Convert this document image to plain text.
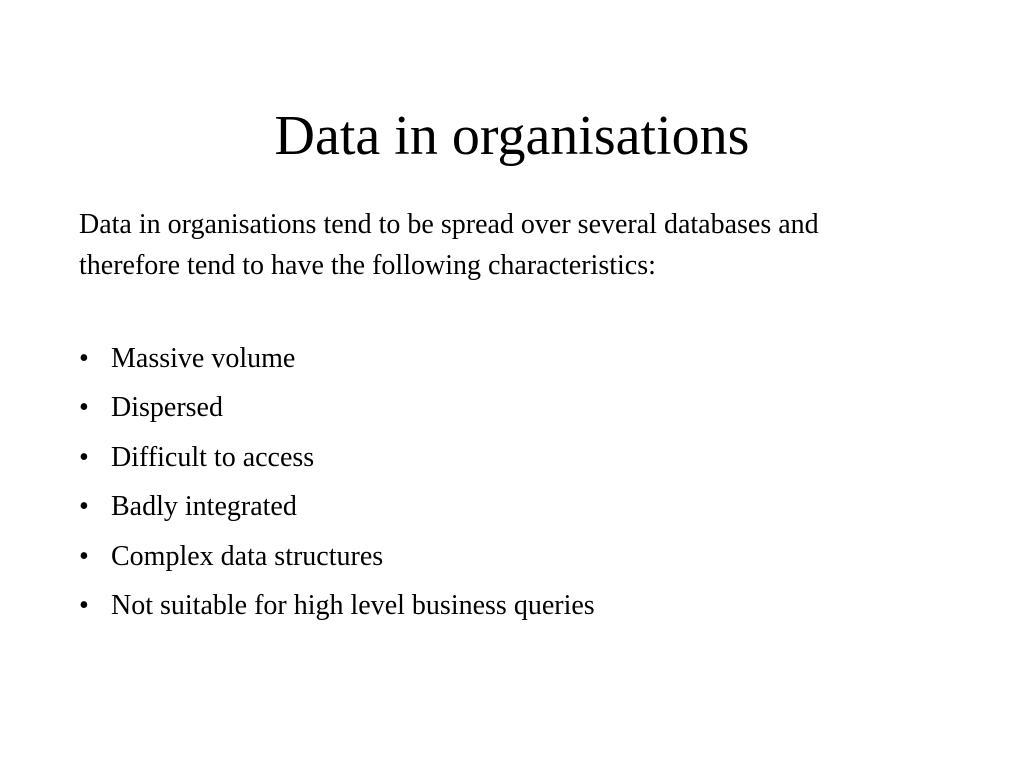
Data in organisations

Data in organisations tend to be spread over several databases and therefore tend to have the following characteristics:

• Massive volume
• Dispersed
• Difficult to access
• Badly integrated
• Complex data structures
• Not suitable for high level business queries
